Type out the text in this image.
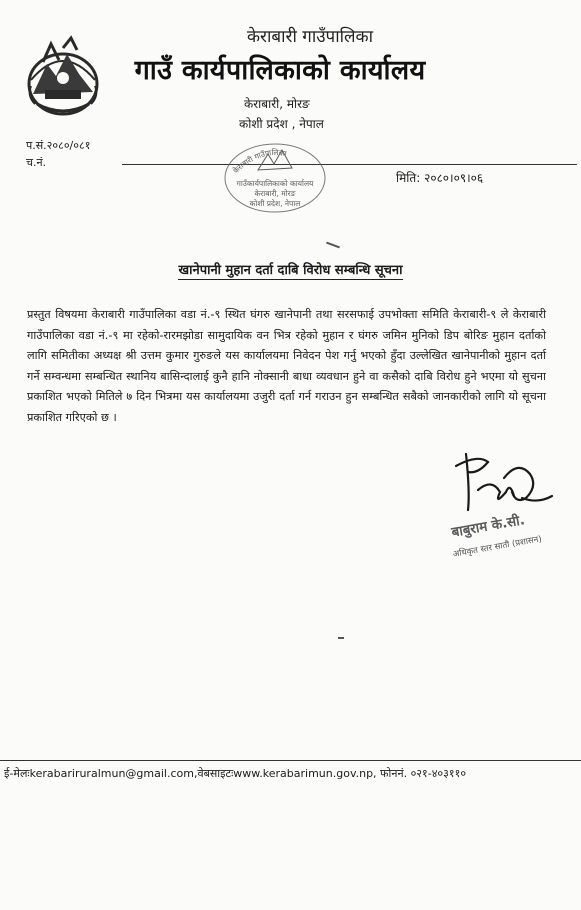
केराबारी गाउँपालिका
गाउँ कार्यपालिकाको कार्यालय
केराबारी, मोरङ
कोशी प्रदेश , नेपाल
प.सं.२०८०/०८१
च.नं.
केराबारी गाउँपालिका
गाउँकार्यपालिकाको कार्यालय
केराबारी, मोरङ
कोशी प्रदेश, नेपाल
मिति: २०८०।०९।०६
खानेपानी मुहान दर्ता दाबि विरोध सम्बन्धि सूचना
प्रस्तुत विषयमा केराबारी गाउँपालिका वडा नं.-९ स्थित घंगरु खानेपानी तथा सरसफाई उपभोक्ता समिति केराबारी-९ ले केराबारी गाउँपालिका वडा नं.-९ मा रहेको-रारमझोडा सामुदायिक वन भित्र रहेको मुहान र घंगरु जमिन मुनिको डिप बोरिङ मुहान दर्ताको लागि समितीका अध्यक्ष श्री उत्तम कुमार गुरुङले यस कार्यालयमा निवेदन पेश गर्नु भएको हुँदा उल्लेखित खानेपानीको मुहान दर्ता गर्ने सम्वन्धमा सम्बन्धित स्थानिय बासिन्दालाई कुनै हानि नोक्सानी बाधा व्यवधान हुने वा कसैको दाबि विरोध हुने भएमा यो सुचना प्रकाशित भएको मितिले ७ दिन भित्रमा यस कार्यालयमा उजुरी दर्ता गर्न गराउन हुन सम्बन्धित सबैको जानकारीको लागि यो सूचना प्रकाशित गरिएको छ ।
बाबुराम के.सी.
अधिकृत स्तर सातौ (प्रशासन)
ई-मेलःkerabariruralmun@gmail.com,वेबसाइटःwww.kerabarimun.gov.np, फोननं. ०२१-४०३११०
